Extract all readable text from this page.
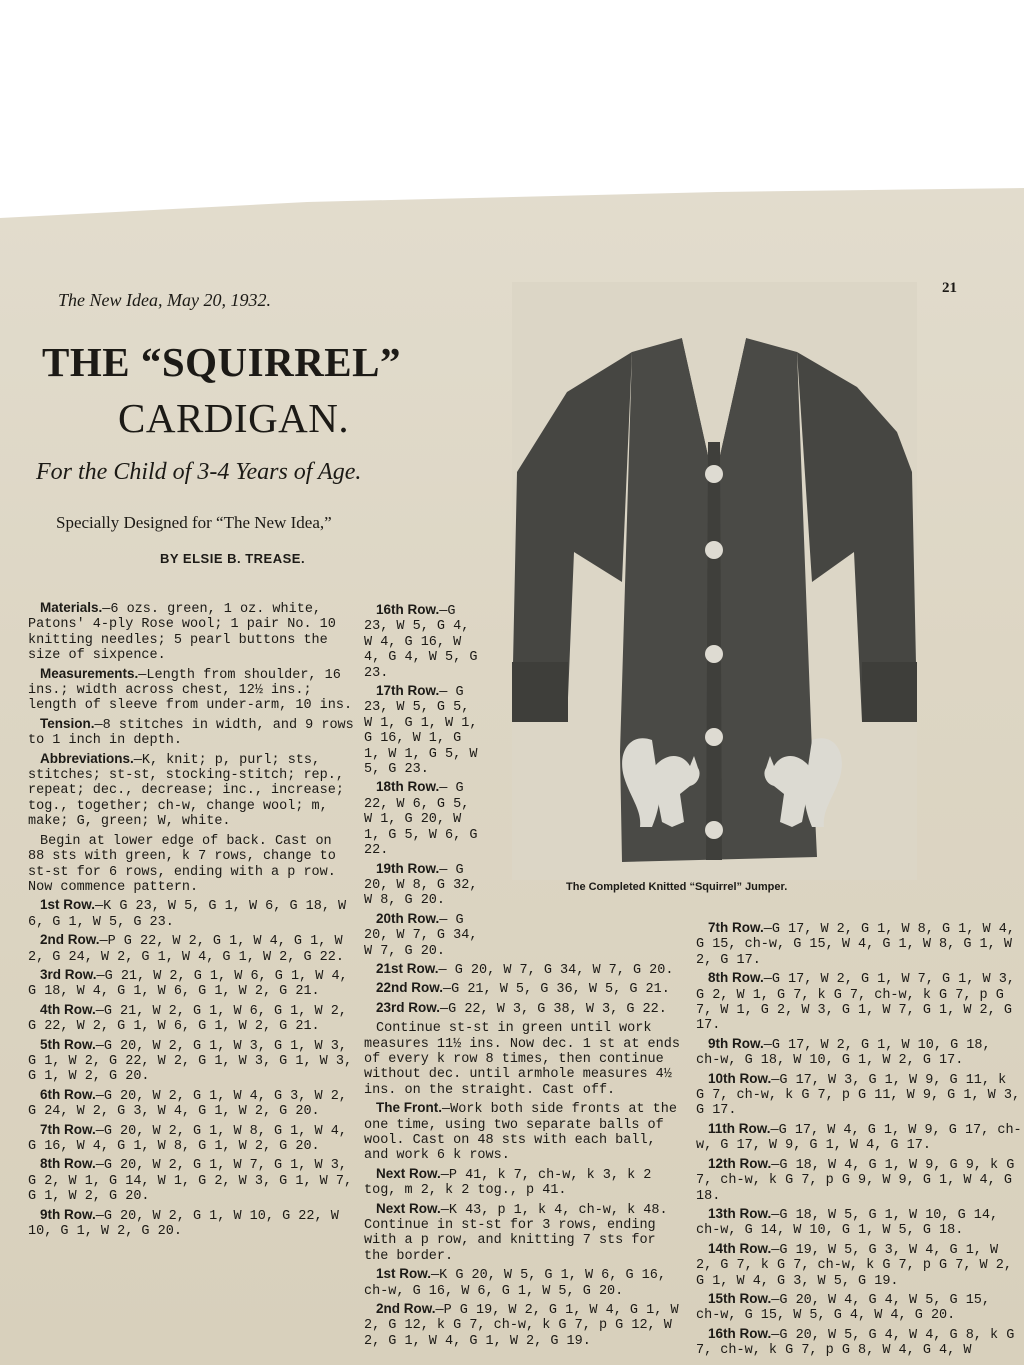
The New Idea, May 20, 1932.
21
THE “SQUIRREL”
CARDIGAN.
For the Child of 3-4 Years of Age.
Specially Designed for “The New Idea,”
BY ELSIE B. TREASE.
The Completed Knitted “Squirrel” Jumper.

Materials.—6 ozs. green, 1 oz. white, Patons' 4-ply Rose wool; 1 pair No. 10 knitting needles; 5 pearl buttons the size of sixpence.

Measurements.—Length from shoulder, 16 ins.; width across chest, 12½ ins.; length of sleeve from under-arm, 10 ins.

Tension.—8 stitches in width, and 9 rows to 1 inch in depth.

Abbreviations.—K, knit; p, purl; sts, stitches; st-st, stocking-stitch; rep., repeat; dec., decrease; inc., increase; tog., together; ch-w, change wool; m, make; G, green; W, white.

Begin at lower edge of back. Cast on 88 sts with green, k 7 rows, change to st-st for 6 rows, ending with a p row. Now commence pattern.

1st Row.—K G 23, W 5, G 1, W 6, G 18, W 6, G 1, W 5, G 23.

2nd Row.—P G 22, W 2, G 1, W 4, G 1, W 2, G 24, W 2, G 1, W 4, G 1, W 2, G 22.

3rd Row.—G 21, W 2, G 1, W 6, G 1, W 4, G 18, W 4, G 1, W 6, G 1, W 2, G 21.

4th Row.—G 21, W 2, G 1, W 6, G 1, W 2, G 22, W 2, G 1, W 6, G 1, W 2, G 21.

5th Row.—G 20, W 2, G 1, W 3, G 1, W 3, G 1, W 2, G 22, W 2, G 1, W 3, G 1, W 3, G 1, W 2, G 20.

6th Row.—G 20, W 2, G 1, W 4, G 3, W 2, G 24, W 2, G 3, W 4, G 1, W 2, G 20.

7th Row.—G 20, W 2, G 1, W 8, G 1, W 4, G 16, W 4, G 1, W 8, G 1, W 2, G 20.

8th Row.—G 20, W 2, G 1, W 7, G 1, W 3, G 2, W 1, G 14, W 1, G 2, W 3, G 1, W 7, G 1, W 2, G 20.

9th Row.—G 20, W 2, G 1, W 10, G 22, W 10, G 1, W 2, G 20.

16th Row.—G 23, W 5, G 4, W 4, G 16, W 4, G 4, W 5, G 23.

17th Row.— G 23, W 5, G 5, W 1, G 1, W 1, G 16, W 1, G 1, W 1, G 5, W 5, G 23.

18th Row.— G 22, W 6, G 5, W 1, G 20, W 1, G 5, W 6, G 22.

19th Row.— G 20, W 8, G 32, W 8, G 20.

20th Row.— G 20, W 7, G 34, W 7, G 20.

21st Row.— G 20, W 7, G 34, W 7, G 20.

22nd Row.—G 21, W 5, G 36, W 5, G 21.

23rd Row.—G 22, W 3, G 38, W 3, G 22.

Continue st-st in green until work measures 11½ ins. Now dec. 1 st at ends of every k row 8 times, then continue without dec. until armhole measures 4½ ins. on the straight. Cast off.

The Front.—Work both side fronts at the one time, using two separate balls of wool. Cast on 48 sts with each ball, and work 6 k rows.

Next Row.—P 41, k 7, ch-w, k 3, k 2 tog, m 2, k 2 tog., p 41.

Next Row.—K 43, p 1, k 4, ch-w, k 48. Continue in st-st for 3 rows, ending with a p row, and knitting 7 sts for the border.

1st Row.—K G 20, W 5, G 1, W 6, G 16, ch-w, G 16, W 6, G 1, W 5, G 20.

2nd Row.—P G 19, W 2, G 1, W 4, G 1, W 2, G 12, k G 7, ch-w, k G 7, p G 12, W 2, G 1, W 4, G 1, W 2, G 19.

7th Row.—G 17, W 2, G 1, W 8, G 1, W 4, G 15, ch-w, G 15, W 4, G 1, W 8, G 1, W 2, G 17.

8th Row.—G 17, W 2, G 1, W 7, G 1, W 3, G 2, W 1, G 7, k G 7, ch-w, k G 7, p G 7, W 1, G 2, W 3, G 1, W 7, G 1, W 2, G 17.

9th Row.—G 17, W 2, G 1, W 10, G 18, ch-w, G 18, W 10, G 1, W 2, G 17.

10th Row.—G 17, W 3, G 1, W 9, G 11, k G 7, ch-w, k G 7, p G 11, W 9, G 1, W 3, G 17.

11th Row.—G 17, W 4, G 1, W 9, G 17, ch-w, G 17, W 9, G 1, W 4, G 17.

12th Row.—G 18, W 4, G 1, W 9, G 9, k G 7, ch-w, k G 7, p G 9, W 9, G 1, W 4, G 18.

13th Row.—G 18, W 5, G 1, W 10, G 14, ch-w, G 14, W 10, G 1, W 5, G 18.

14th Row.—G 19, W 5, G 3, W 4, G 1, W 2, G 7, k G 7, ch-w, k G 7, p G 7, W 2, G 1, W 4, G 3, W 5, G 19.

15th Row.—G 20, W 4, G 4, W 5, G 15, ch-w, G 15, W 5, G 4, W 4, G 20.

16th Row.—G 20, W 5, G 4, W 4, G 8, k G 7, ch-w, k G 7, p G 8, W 4, G 4, W
